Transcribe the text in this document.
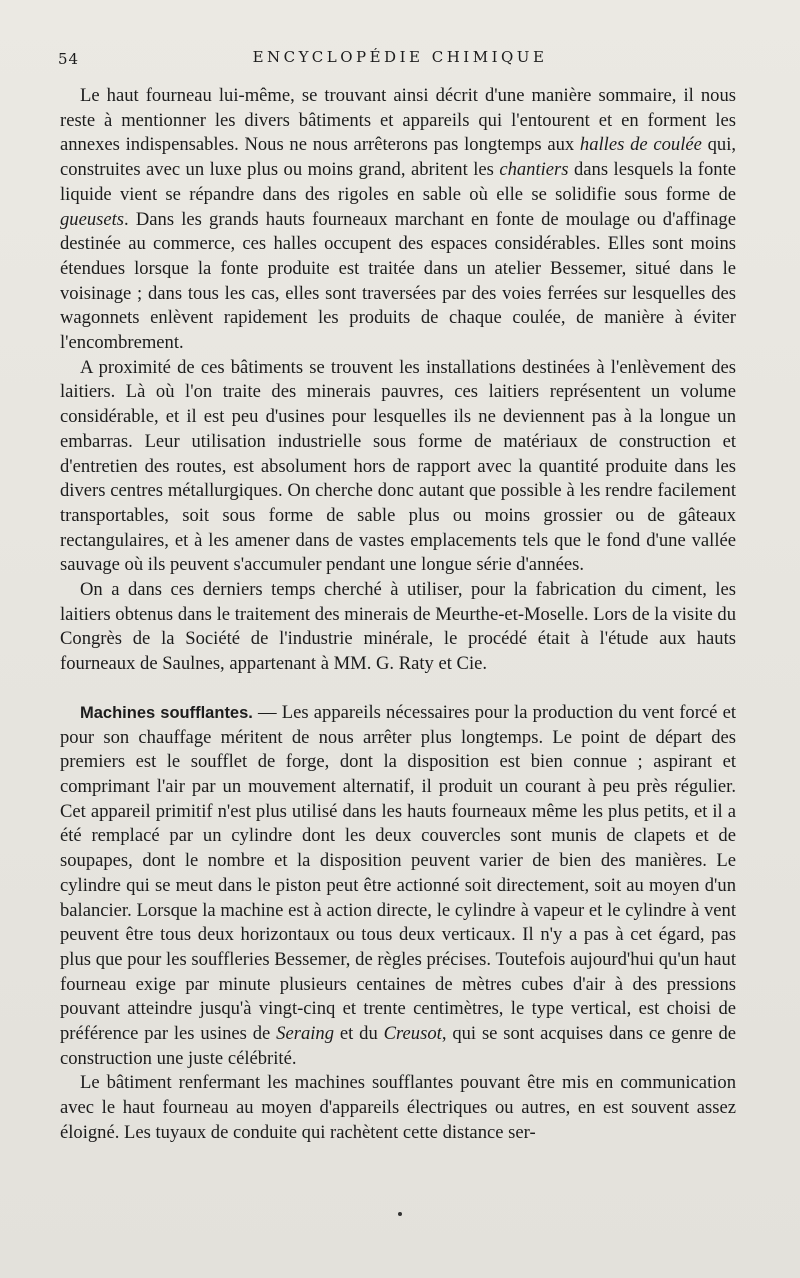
54	ENCYCLOPÉDIE CHIMIQUE

Le haut fourneau lui-même, se trouvant ainsi décrit d'une manière sommaire, il nous reste à mentionner les divers bâtiments et appareils qui l'entourent et en forment les annexes indispensables. Nous ne nous arrêterons pas longtemps aux halles de coulée qui, construites avec un luxe plus ou moins grand, abritent les chantiers dans lesquels la fonte liquide vient se répandre dans des rigoles en sable où elle se solidifie sous forme de gueusets. Dans les grands hauts fourneaux marchant en fonte de moulage ou d'affinage destinée au commerce, ces halles occupent des espaces considérables. Elles sont moins étendues lorsque la fonte produite est traitée dans un atelier Bessemer, situé dans le voisinage ; dans tous les cas, elles sont traversées par des voies ferrées sur lesquelles des wagonnets enlèvent rapidement les produits de chaque coulée, de manière à éviter l'encombrement.

A proximité de ces bâtiments se trouvent les installations destinées à l'enlèvement des laitiers. Là où l'on traite des minerais pauvres, ces laitiers représentent un volume considérable, et il est peu d'usines pour lesquelles ils ne deviennent pas à la longue un embarras. Leur utilisation industrielle sous forme de matériaux de construction et d'entretien des routes, est absolument hors de rapport avec la quantité produite dans les divers centres métallurgiques. On cherche donc autant que possible à les rendre facilement transportables, soit sous forme de sable plus ou moins grossier ou de gâteaux rectangulaires, et à les amener dans de vastes emplacements tels que le fond d'une vallée sauvage où ils peuvent s'accumuler pendant une longue série d'années.

On a dans ces derniers temps cherché à utiliser, pour la fabrication du ciment, les laitiers obtenus dans le traitement des minerais de Meurthe-et-Moselle. Lors de la visite du Congrès de la Société de l'industrie minérale, le procédé était à l'étude aux hauts fourneaux de Saulnes, appartenant à MM. G. Raty et Cie.

Machines soufflantes. — Les appareils nécessaires pour la production du vent forcé et pour son chauffage méritent de nous arrêter plus longtemps. Le point de départ des premiers est le soufflet de forge, dont la disposition est bien connue ; aspirant et comprimant l'air par un mouvement alternatif, il produit un courant à peu près régulier. Cet appareil primitif n'est plus utilisé dans les hauts fourneaux même les plus petits, et il a été remplacé par un cylindre dont les deux couvercles sont munis de clapets et de soupapes, dont le nombre et la disposition peuvent varier de bien des manières. Le cylindre qui se meut dans le piston peut être actionné soit directement, soit au moyen d'un balancier. Lorsque la machine est à action directe, le cylindre à vapeur et le cylindre à vent peuvent être tous deux horizontaux ou tous deux verticaux. Il n'y a pas à cet égard, pas plus que pour les souffleries Bessemer, de règles précises. Toutefois aujourd'hui qu'un haut fourneau exige par minute plusieurs centaines de mètres cubes d'air à des pressions pouvant atteindre jusqu'à vingt-cinq et trente centimètres, le type vertical, est choisi de préférence par les usines de Seraing et du Creusot, qui se sont acquises dans ce genre de construction une juste célébrité.

Le bâtiment renfermant les machines soufflantes pouvant être mis en communication avec le haut fourneau au moyen d'appareils électriques ou autres, en est souvent assez éloigné. Les tuyaux de conduite qui rachètent cette distance ser-
